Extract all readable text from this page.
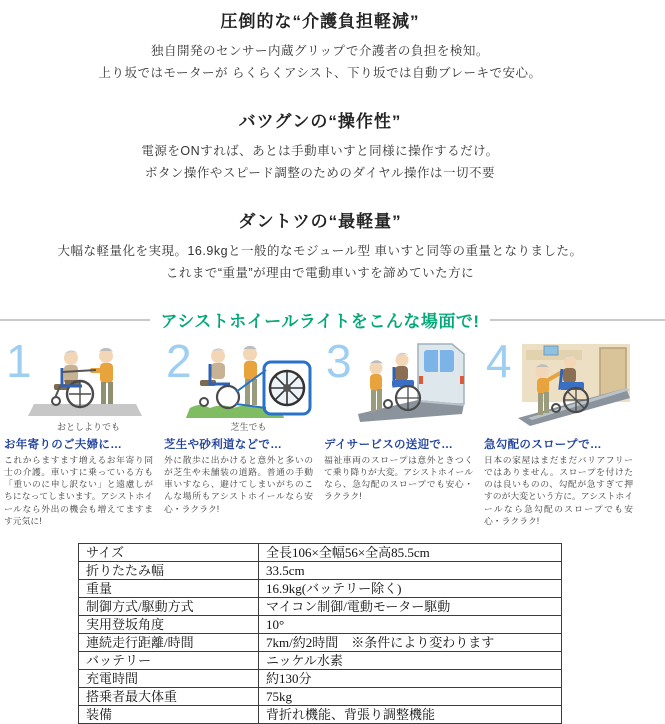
圧倒的な“介護負担軽減”

独自開発のセンサー内蔵グリップで介護者の負担を検知。

上り坂ではモーターが らくらくアシスト、下り坂では自動ブレーキで安心。

バツグンの“操作性”

電源をONすれば、あとは手動車いすと同様に操作するだけ。

ボタン操作やスピード調整のためのダイヤル操作は一切不要

ダントツの“最軽量”

大幅な軽量化を実現。16.9kgと一般的なモジュール型 車いすと同等の重量となりました。

これまで“重量”が理由で電動車いすを諦めていた方に

アシストホイールライトをこんな場面で!
1
おとしよりでも
お年寄りのご夫婦に…

これからますます増えるお年寄り同士の介護。車いすに乗っている方も「重いのに申し訳ない」と遠慮しがちになってしまいます。アシストホイールなら外出の機会も増えてますます元気に!

2
芝生でも
芝生や砂利道などで…

外に散歩に出かけると意外と多いのが芝生や未舗装の道路。普通の手動車いすなら、避けてしまいがちのこんな場所もアシストホイールなら安心・ラクラク!

3
デイサービスの送迎で…

福祉車両のスロープは意外ときつくて乗り降りが大変。アシストホイールなら、急勾配のスロープでも安心・ラクラク!

4
急勾配のスロープで…

日本の家屋はまだまだバリアフリーではありません。スロープを付けたのは良いものの、勾配が急すぎて押すのが大変という方に。アシストホイールなら急勾配のスロープでも安心・ラクラク!

サイズ	全長106×全幅56×全高85.5cm
折りたたみ幅	33.5cm
重量	16.9kg(バッテリー除く)
制御方式/駆動方式	マイコン制御/電動モーター駆動
実用登坂角度	10°
連続走行距離/時間	7km/約2時間　※条件により変わります
バッテリー	ニッケル水素
充電時間	約130分
搭乗者最大体重	75kg
装備	背折れ機能、背張り調整機能
